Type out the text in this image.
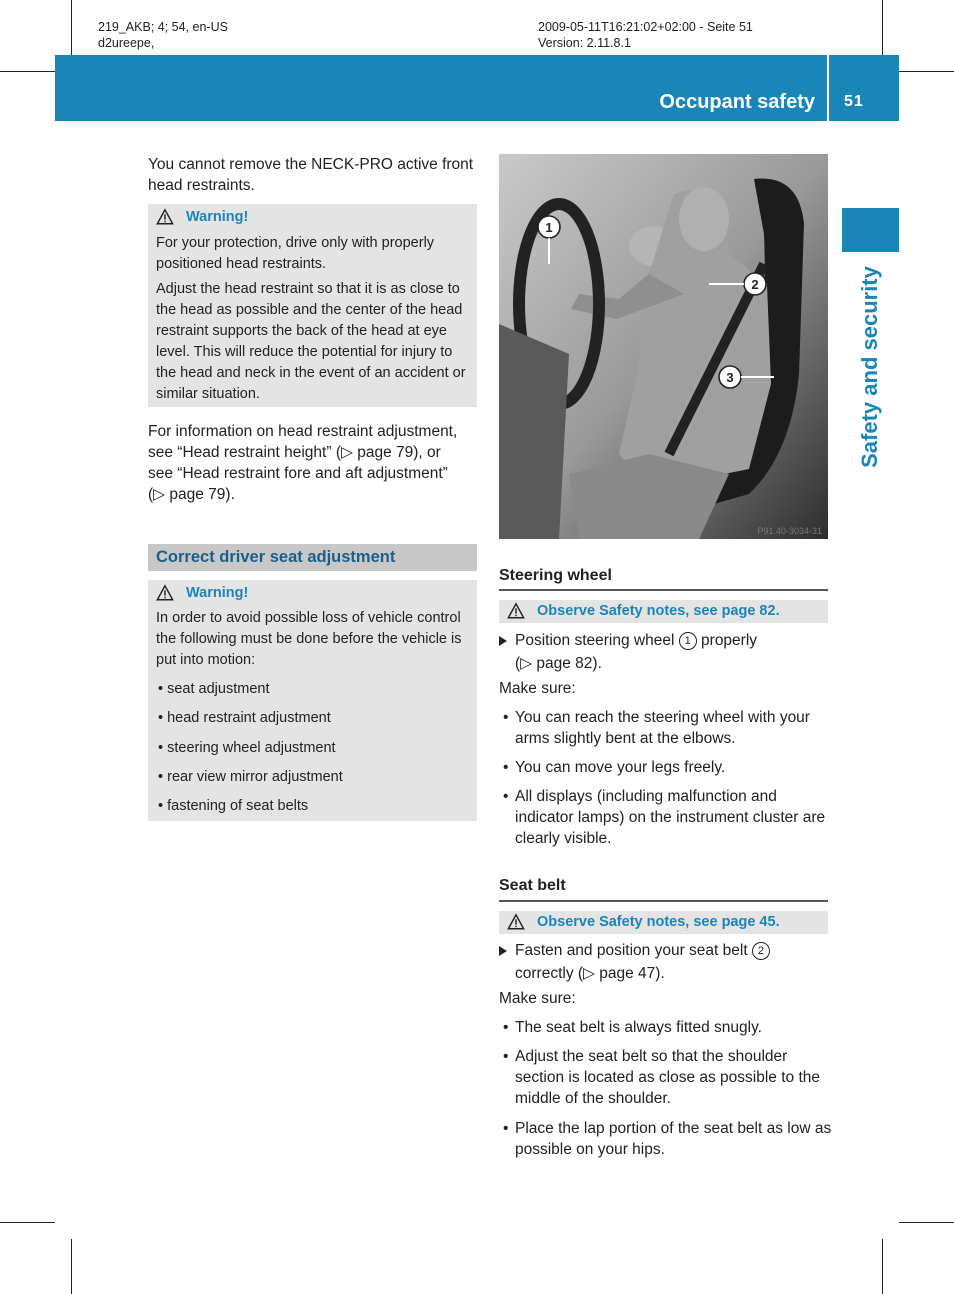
219_AKB; 4; 54, en-US
d2ureepe,
2009-05-11T16:21:02+02:00 - Seite 51
Version: 2.11.8.1
Occupant safety 51
Safety and security
You cannot remove the NECK-PRO active front head restraints.
Warning!
For your protection, drive only with properly positioned head restraints.
Adjust the head restraint so that it is as close to the head as possible and the center of the head restraint supports the back of the head at eye level. This will reduce the potential for injury to the head and neck in the event of an accident or similar situation.
For information on head restraint adjustment,
see “Head restraint height” (▷ page 79), or
see “Head restraint fore and aft adjustment”
(▷ page 79).
Correct driver seat adjustment
Warning!
In order to avoid possible loss of vehicle control the following must be done before the vehicle is put into motion:
• seat adjustment
• head restraint adjustment
• steering wheel adjustment
• rear view mirror adjustment
• fastening of seat belts
1
2
3
P91.40-3034-31
Steering wheel
Observe Safety notes, see page 82.
Position steering wheel 1 properly
(▷ page 82).
Make sure:
• You can reach the steering wheel with your arms slightly bent at the elbows.
• You can move your legs freely.
• All displays (including malfunction and indicator lamps) on the instrument cluster are clearly visible.
Seat belt
Observe Safety notes, see page 45.
Fasten and position your seat belt 2
correctly (▷ page 47).
Make sure:
• The seat belt is always fitted snugly.
• Adjust the seat belt so that the shoulder section is located as close as possible to the middle of the shoulder.
• Place the lap portion of the seat belt as low as possible on your hips.
